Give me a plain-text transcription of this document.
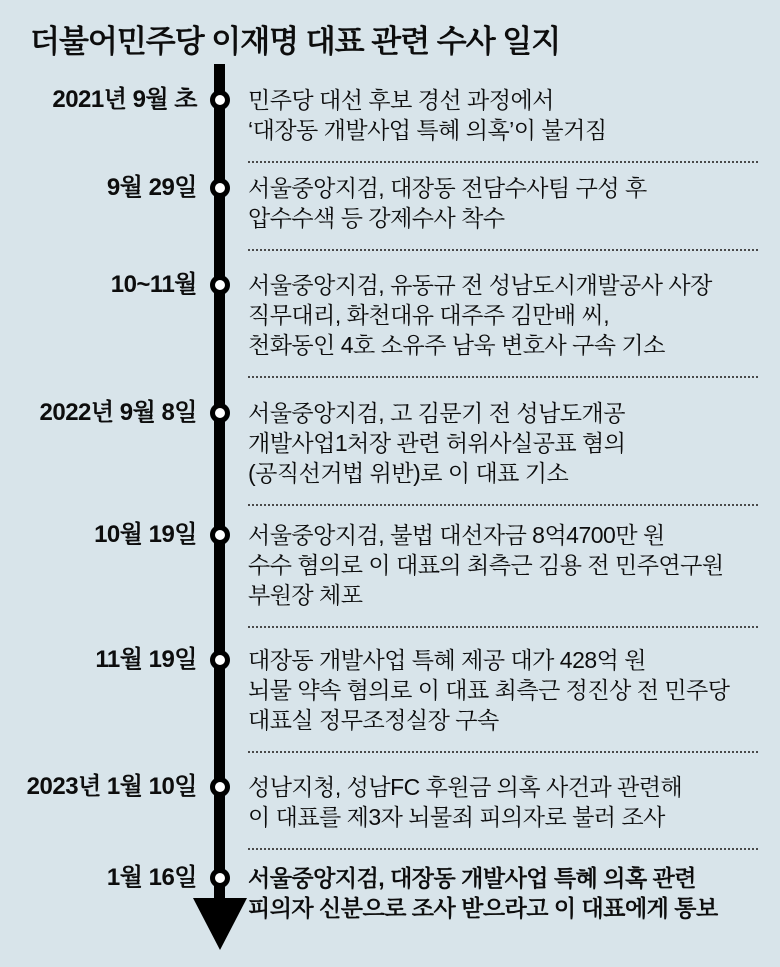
더불어민주당 이재명 대표 관련 수사 일지
2021년 9월 초 민주당 대선 후보 경선 과정에서
‘대장동 개발사업 특혜 의혹’이 불거짐
9월 29일 서울중앙지검, 대장동 전담수사팀 구성 후
압수수색 등 강제수사 착수
10~11월 서울중앙지검, 유동규 전 성남도시개발공사 사장
직무대리, 화천대유 대주주 김만배 씨,
천화동인 4호 소유주 남욱 변호사 구속 기소
2022년 9월 8일 서울중앙지검, 고 김문기 전 성남도개공
개발사업1처장 관련 허위사실공표 혐의
(공직선거법 위반)로 이 대표 기소
10월 19일 서울중앙지검, 불법 대선자금 8억4700만 원
수수 혐의로 이 대표의 최측근 김용 전 민주연구원
부원장 체포
11월 19일 대장동 개발사업 특혜 제공 대가 428억 원
뇌물 약속 혐의로 이 대표 최측근 정진상 전 민주당
대표실 정무조정실장 구속
2023년 1월 10일 성남지청, 성남FC 후원금 의혹 사건과 관련해
이 대표를 제3자 뇌물죄 피의자로 불러 조사
1월 16일 서울중앙지검, 대장동 개발사업 특혜 의혹 관련
피의자 신분으로 조사 받으라고 이 대표에게 통보
